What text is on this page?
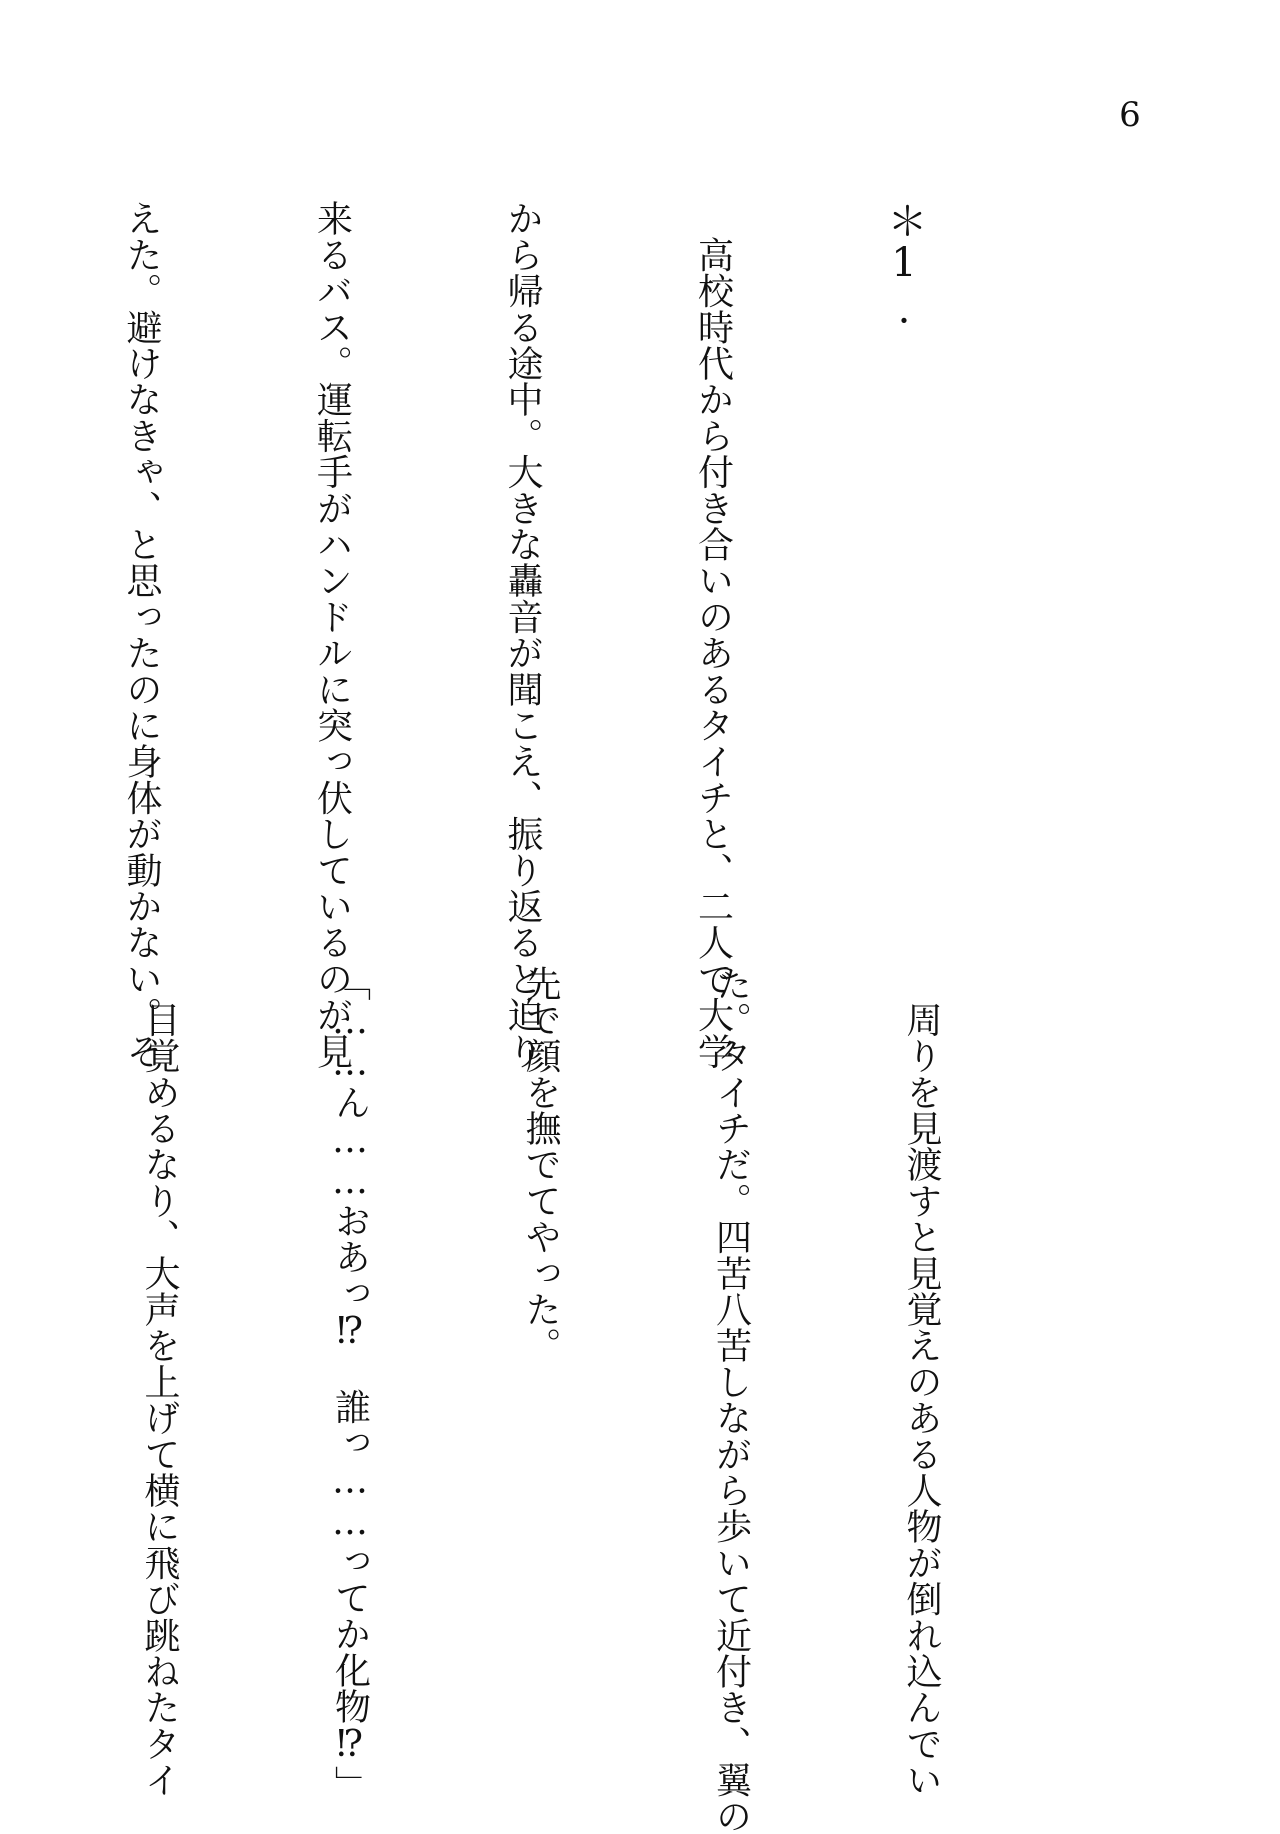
6

＊1.

　高校時代から付き合いのあるタイチと、二人で大学

から帰る途中。大きな轟音が聞こえ、振り返ると迫り

来るバス。運転手がハンドルに突っ伏しているのが見

えた。避けなきゃ、と思ったのに身体が動かない。そ

　周りを見渡すと見覚えのある人物が倒れ込んでい

た。タイチだ。四苦八苦しながら歩いて近付き、翼の

先で顔を撫でてやった。

「……ん……おあっ⁉　誰っ……ってか化物⁉」

　目覚めるなり、大声を上げて横に飛び跳ねたタイ
